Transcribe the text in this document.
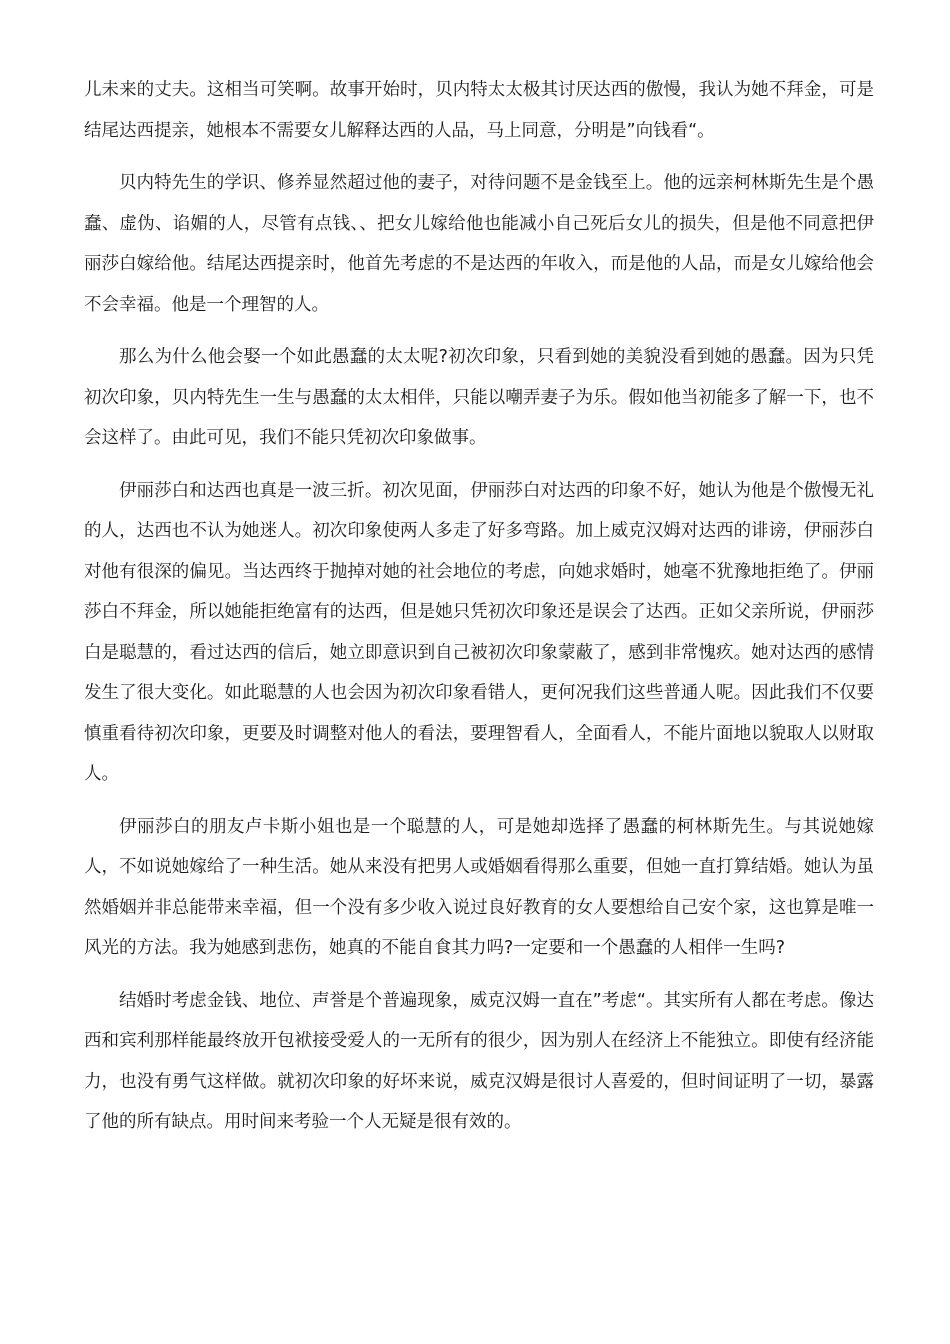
儿未来的丈夫。这相当可笑啊。故事开始时，贝内特太太极其讨厌达西的傲慢，我认为她不拜金，可是结尾达西提亲，她根本不需要女儿解释达西的人品，马上同意，分明是”向钱看“。

贝内特先生的学识、修养显然超过他的妻子，对待问题不是金钱至上。他的远亲柯林斯先生是个愚蠢、虚伪、谄媚的人，尽管有点钱、、把女儿嫁给他也能减小自己死后女儿的损失，但是他不同意把伊丽莎白嫁给他。结尾达西提亲时，他首先考虑的不是达西的年收入，而是他的人品，而是女儿嫁给他会不会幸福。他是一个理智的人。

那么为什么他会娶一个如此愚蠢的太太呢?初次印象，只看到她的美貌没看到她的愚蠢。因为只凭初次印象，贝内特先生一生与愚蠢的太太相伴，只能以嘲弄妻子为乐。假如他当初能多了解一下，也不会这样了。由此可见，我们不能只凭初次印象做事。

伊丽莎白和达西也真是一波三折。初次见面，伊丽莎白对达西的印象不好，她认为他是个傲慢无礼的人，达西也不认为她迷人。初次印象使两人多走了好多弯路。加上威克汉姆对达西的诽谤，伊丽莎白对他有很深的偏见。当达西终于抛掉对她的社会地位的考虑，向她求婚时，她毫不犹豫地拒绝了。伊丽莎白不拜金，所以她能拒绝富有的达西，但是她只凭初次印象还是误会了达西。正如父亲所说，伊丽莎白是聪慧的，看过达西的信后，她立即意识到自己被初次印象蒙蔽了，感到非常愧疚。她对达西的感情发生了很大变化。如此聪慧的人也会因为初次印象看错人，更何况我们这些普通人呢。因此我们不仅要慎重看待初次印象，更要及时调整对他人的看法，要理智看人，全面看人，不能片面地以貌取人以财取人。

伊丽莎白的朋友卢卡斯小姐也是一个聪慧的人，可是她却选择了愚蠢的柯林斯先生。与其说她嫁人，不如说她嫁给了一种生活。她从来没有把男人或婚姻看得那么重要，但她一直打算结婚。她认为虽然婚姻并非总能带来幸福，但一个没有多少收入说过良好教育的女人要想给自己安个家，这也算是唯一风光的方法。我为她感到悲伤，她真的不能自食其力吗?一定要和一个愚蠢的人相伴一生吗?

结婚时考虑金钱、地位、声誉是个普遍现象，威克汉姆一直在”考虑“。其实所有人都在考虑。像达西和宾利那样能最终放开包袱接受爱人的一无所有的很少，因为别人在经济上不能独立。即使有经济能力，也没有勇气这样做。就初次印象的好坏来说，威克汉姆是很讨人喜爱的，但时间证明了一切，暴露了他的所有缺点。用时间来考验一个人无疑是很有效的。
